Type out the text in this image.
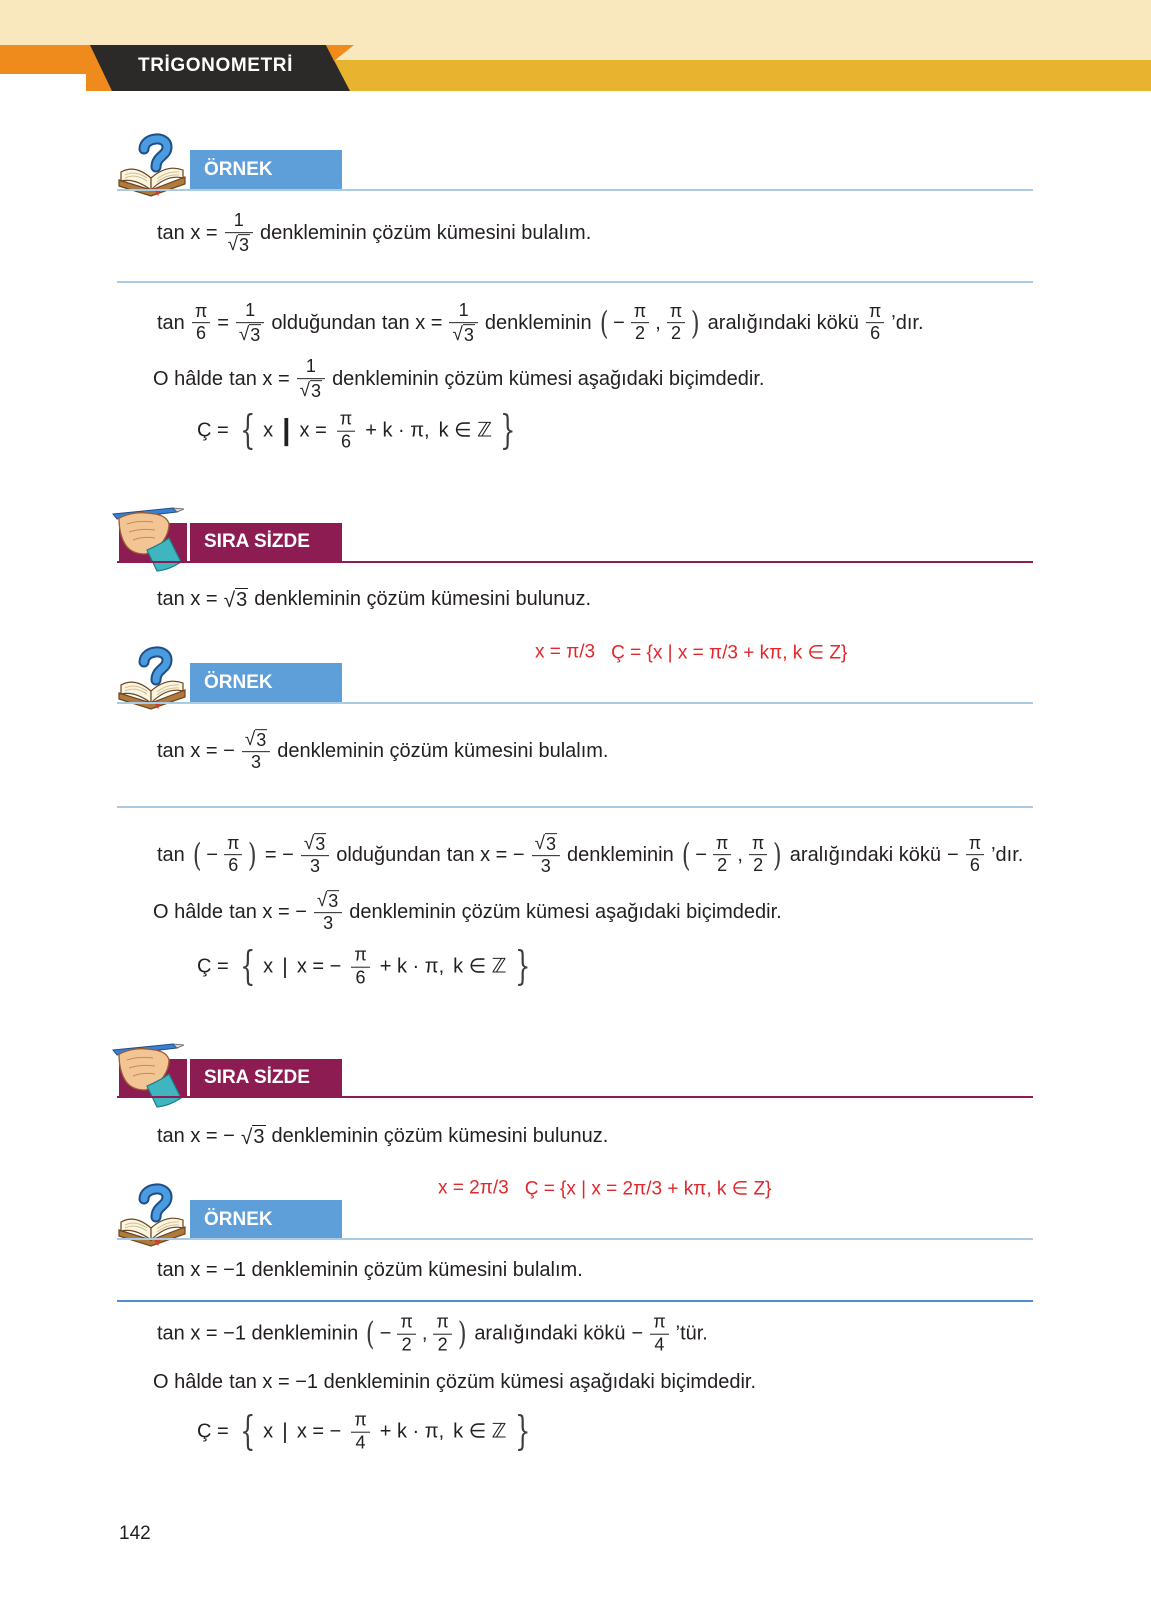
TRİGONOMETRİ
ÖRNEK
$\tan x = \frac{1}{√ 3}$ denkleminin çözüm kümesini bulalım.
$\tan \frac{\pi}{6} = \frac{1}{√ 3}$ olduğundan $\tan x = \frac{1}{√ 3}$ denkleminin ( − $\frac{\pi}{2}$ , $\frac{\pi}{2}$ ) aralığındaki kökü $\frac{\pi}{6}$ ’dır.
O hâlde $\tan x = \frac{1}{√ 3}$ denkleminin çözüm kümesi aşağıdaki biçimdedir.
Ç = { x | $x = \frac{\pi}{6} + k \cdot \pi$, k ∈ ℤ }
SIRA SİZDE
tan x = √ 3 denkleminin çözüm kümesini bulunuz.
x = π/3 Ç = {x | x = π/3 + kπ, k ∈ Z}
ÖRNEK
tan x = − $\frac{√ 3}{3}$ denkleminin çözüm kümesini bulalım.
tan ( − $\frac{\pi}{6}$ ) = − $\frac{√ 3}{3}$ olduğundan tan x = − $\frac{√ 3}{3}$ denkleminin ( − $\frac{\pi}{2}$ , $\frac{\pi}{2}$ ) aralığındaki kökü − $\frac{\pi}{6}$ ’dır.
O hâlde tan x = − $\frac{√ 3}{3}$ denkleminin çözüm kümesi aşağıdaki biçimdedir.
Ç = { x | x = − $\frac{\pi}{6} + k \cdot \pi$, k ∈ ℤ }
SIRA SİZDE
tan x = − √ 3 denkleminin çözüm kümesini bulunuz.
x = 2π/3 Ç = {x | x = 2π/3 + kπ, k ∈ Z}
ÖRNEK
tan x = −1 denkleminin çözüm kümesini bulalım.
tan x = −1 denkleminin ( − $\frac{\pi}{2}$ , $\frac{\pi}{2}$ ) aralığındaki kökü − $\frac{\pi}{4}$ ’tür.
O hâlde tan x = −1 denkleminin çözüm kümesi aşağıdaki biçimdedir.
Ç = { x | x = − $\frac{\pi}{4} + k \cdot \pi$, k ∈ ℤ }
142
